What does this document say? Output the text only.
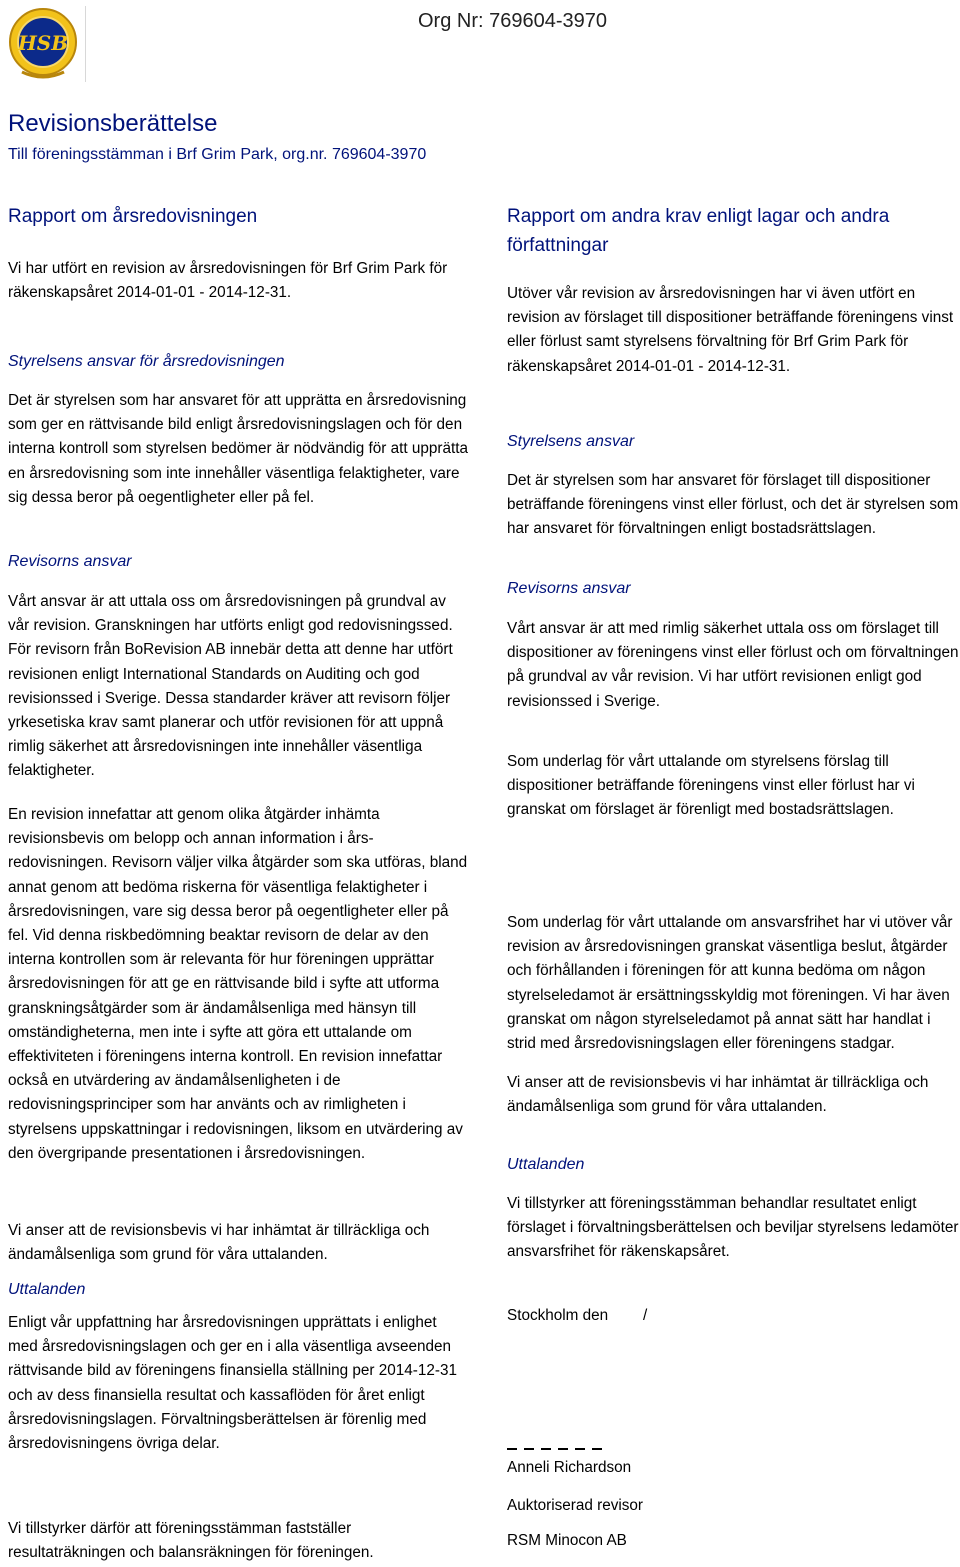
HSB
Org Nr: 769604-3970
Revisionsberättelse
Till föreningsstämman i Brf Grim Park, org.nr. 769604-3970
Rapport om årsredovisningen

Vi har utfört en revision av årsredovisningen för Brf Grim Park för räkenskapsåret 2014-01-01 - 2014-12-31.

Styrelsens ansvar för årsredovisningen

Det är styrelsen som har ansvaret för att upprätta en årsredovisning som ger en rättvisande bild enligt årsredovisningslagen och för den interna kontroll som styrelsen bedömer är nödvändig för att upprätta en årsredovisning som inte innehåller väsentliga felaktigheter, vare sig dessa beror på oegentligheter eller på fel.

Revisorns ansvar

Vårt ansvar är att uttala oss om årsredovisningen på grundval av vår revision. Granskningen har utförts enligt god redovisningssed. För revisorn från BoRevision AB innebär detta att denne har utfört revisionen enligt International Standards on Auditing och god revisionssed i Sverige. Dessa standarder kräver att revisorn följer yrkesetiska krav samt planerar och utför revisionen för att uppnå rimlig säkerhet att årsredovisningen inte innehåller väsentliga felaktigheter.

En revision innefattar att genom olika åtgärder inhämta revisionsbevis om belopp och annan information i års-redovisningen. Revisorn väljer vilka åtgärder som ska utföras, bland annat genom att bedöma riskerna för väsentliga felaktigheter i årsredovisningen, vare sig dessa beror på oegentligheter eller på fel. Vid denna riskbedömning beaktar revisorn de delar av den interna kontrollen som är relevanta för hur föreningen upprättar årsredovisningen för att ge en rättvisande bild i syfte att utforma granskningsåtgärder som är ändamålsenliga med hänsyn till omständigheterna, men inte i syfte att göra ett uttalande om effektiviteten i föreningens interna kontroll. En revision innefattar också en utvärdering av ändamålsenligheten i de redovisningsprinciper som har använts och av rimligheten i styrelsens uppskattningar i redovisningen, liksom en utvärdering av den övergripande presentationen i årsredovisningen.

Vi anser att de revisionsbevis vi har inhämtat är tillräckliga och ändamålsenliga som grund för våra uttalanden.

Uttalanden

Enligt vår uppfattning har årsredovisningen upprättats i enlighet med årsredovisningslagen och ger en i alla väsentliga avseenden rättvisande bild av föreningens finansiella ställning per 2014-12-31 och av dess finansiella resultat och kassaflöden för året enligt årsredovisningslagen. Förvaltningsberättelsen är förenlig med årsredovisningens övriga delar.

Vi tillstyrker därför att föreningsstämman fastställer resultaträkningen och balansräkningen för föreningen.

Rapport om andra krav enligt lagar och andra författningar

Utöver vår revision av årsredovisningen har vi även utfört en revision av förslaget till dispositioner beträffande föreningens vinst eller förlust samt styrelsens förvaltning för Brf Grim Park för räkenskapsåret 2014-01-01 - 2014-12-31.

Styrelsens ansvar

Det är styrelsen som har ansvaret för förslaget till dispositioner beträffande föreningens vinst eller förlust, och det är styrelsen som har ansvaret för förvaltningen enligt bostadsrättslagen.

Revisorns ansvar

Vårt ansvar är att med rimlig säkerhet uttala oss om förslaget till dispositioner av föreningens vinst eller förlust och om förvaltningen på grundval av vår revision. Vi har utfört revisionen enligt god revisionssed i Sverige.

Som underlag för vårt uttalande om styrelsens förslag till dispositioner beträffande föreningens vinst eller förlust har vi granskat om förslaget är förenligt med bostadsrättslagen.

Som underlag för vårt uttalande om ansvarsfrihet har vi utöver vår revision av årsredovisningen granskat väsentliga beslut, åtgärder och förhållanden i föreningen för att kunna bedöma om någon styrelseledamot är ersättningsskyldig mot föreningen. Vi har även granskat om någon styrelseledamot på annat sätt har handlat i strid med årsredovisningslagen eller föreningens stadgar.

Vi anser att de revisionsbevis vi har inhämtat är tillräckliga och ändamålsenliga som grund för våra uttalanden.

Uttalanden

Vi tillstyrker att föreningsstämman behandlar resultatet enligt förslaget i förvaltningsberättelsen och beviljar styrelsens ledamöter ansvarsfrihet för räkenskapsåret.

Stockholm den /

Anneli Richardson

Auktoriserad revisor

RSM Minocon AB
